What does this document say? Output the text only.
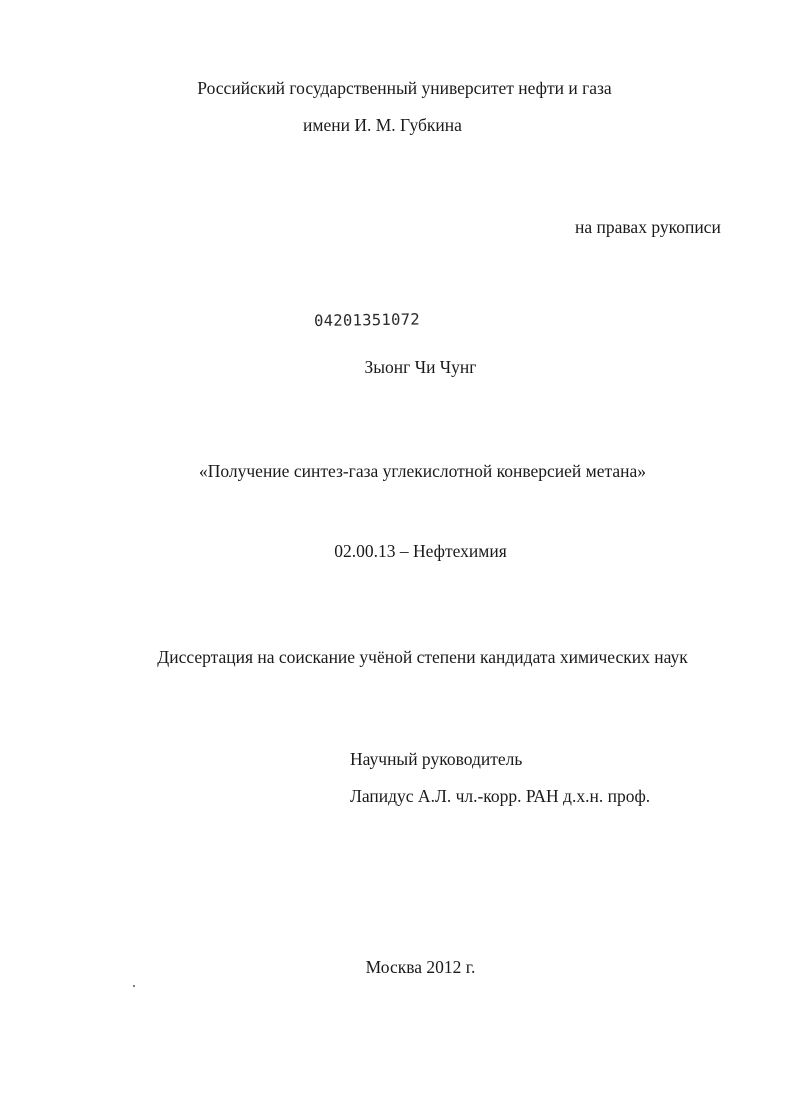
Российский государственный университет нефти и газа
имени И. М. Губкина
на правах рукописи
04201351072
Зыонг Чи Чунг
«Получение синтез-газа углекислотной конверсией метана»
02.00.13 – Нефтехимия
Диссертация на соискание учёной степени кандидата химических наук
Научный руководитель
Лапидус А.Л. чл.-корр. РАН д.х.н. проф.
Москва 2012 г.
